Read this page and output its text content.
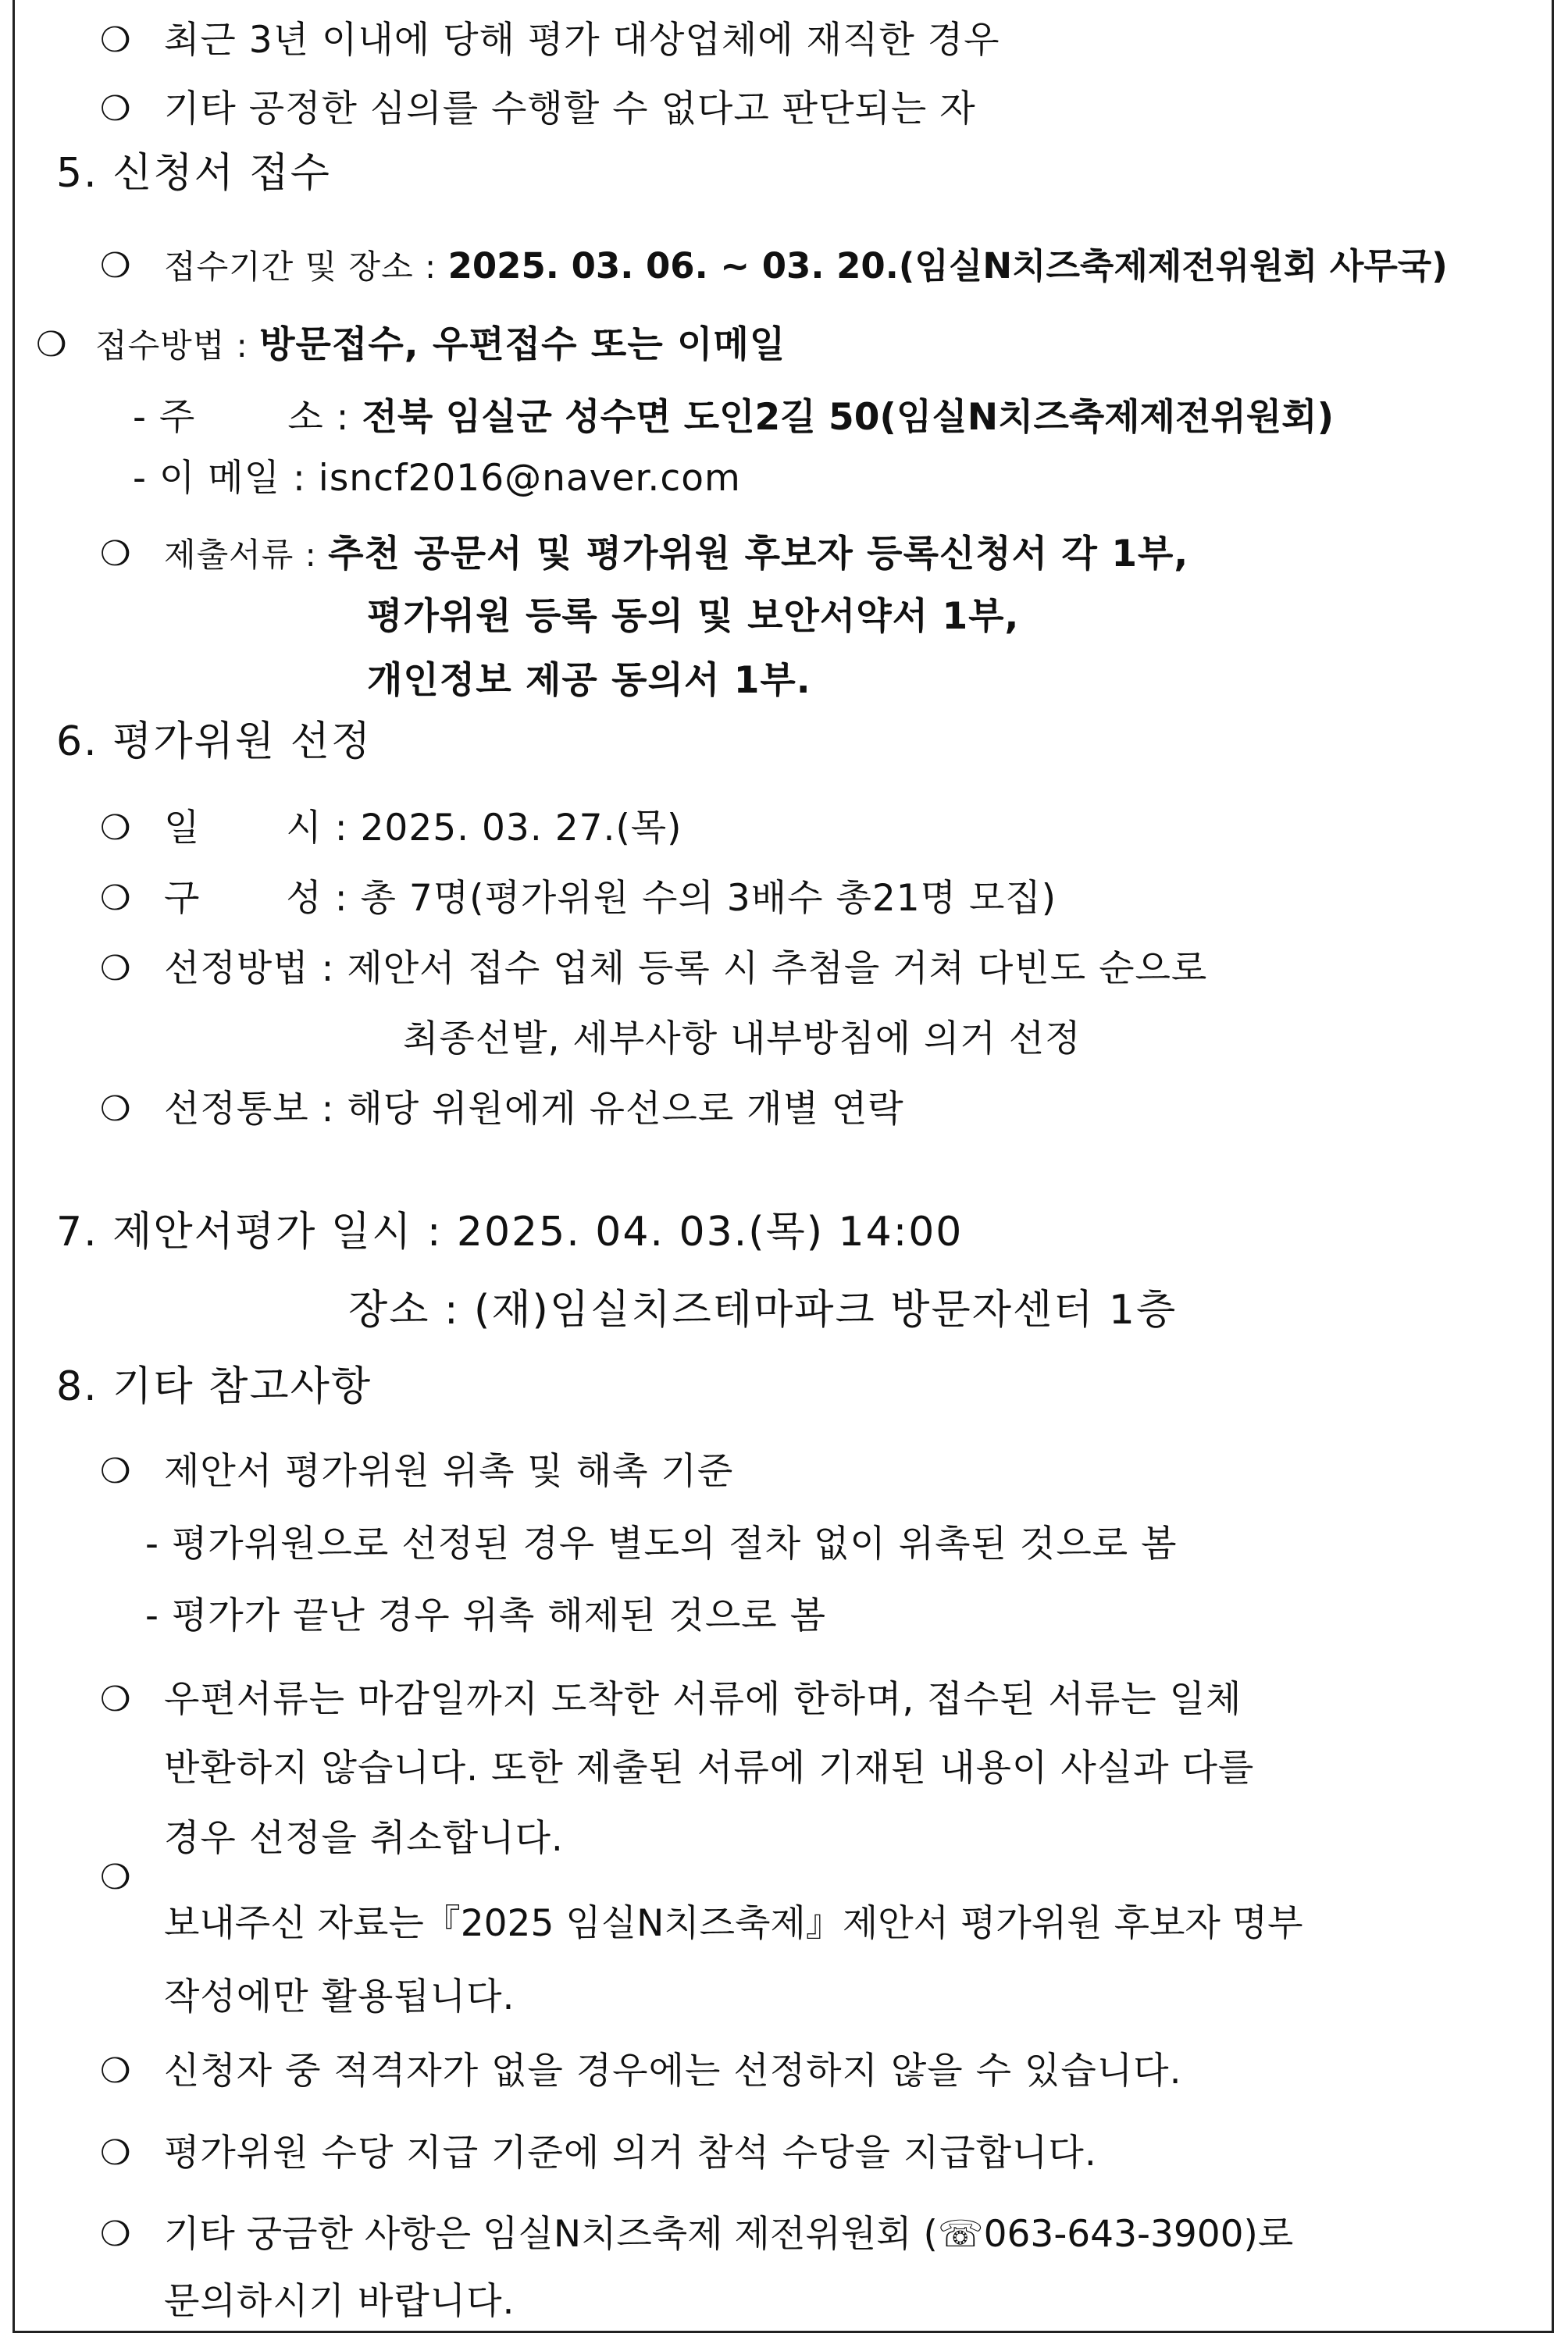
❍
❍
❍
❍
❍
❍
❍
❍
❍
❍
❍
❍
❍
❍
❍
최근 3년 이내에 당해 평가 대상업체에 재직한 경우
기타 공정한 심의를 수행할 수 없다고 판단되는 자
5. 신청서 접수
접수기간 및 장소 : 2025. 03. 06. ~ 03. 20.(임실N치즈축제제전위원회 사무국)
접수방법 : 방문접수, 우편접수 또는 이메일
- 주	소 : 전북 임실군 성수면 도인2길 50(임실N치즈축제제전위원회)
- 이 메일 : isncf2016@naver.com
제출서류 : 추천 공문서 및 평가위원 후보자 등록신청서 각 1부,
평가위원 등록 동의 및 보안서약서 1부,
개인정보 제공 동의서 1부.
6. 평가위원 선정
일 시 : 2025. 03. 27.(목)
구 성 : 총 7명(평가위원 수의 3배수 총21명 모집)
선정방법 : 제안서 접수 업체 등록 시 추첨을 거쳐 다빈도 순으로
최종선발, 세부사항 내부방침에 의거 선정
선정통보 : 해당 위원에게 유선으로 개별 연락
7. 제안서평가 일시 : 2025. 04. 03.(목) 14:00
장소 : (재)임실치즈테마파크 방문자센터 1층
8. 기타 참고사항
제안서 평가위원 위촉 및 해촉 기준
- 평가위원으로 선정된 경우 별도의 절차 없이 위촉된 것으로 봄
- 평가가 끝난 경우 위촉 해제된 것으로 봄
우편서류는 마감일까지 도착한 서류에 한하며, 접수된 서류는 일체
반환하지 않습니다. 또한 제출된 서류에 기재된 내용이 사실과 다를
경우 선정을 취소합니다.
보내주신 자료는『2025 임실N치즈축제』제안서 평가위원 후보자 명부
작성에만 활용됩니다.
신청자 중 적격자가 없을 경우에는 선정하지 않을 수 있습니다.
평가위원 수당 지급 기준에 의거 참석 수당을 지급합니다.
기타 궁금한 사항은 임실N치즈축제 제전위원회 (☏063-643-3900)로
문의하시기 바랍니다.
